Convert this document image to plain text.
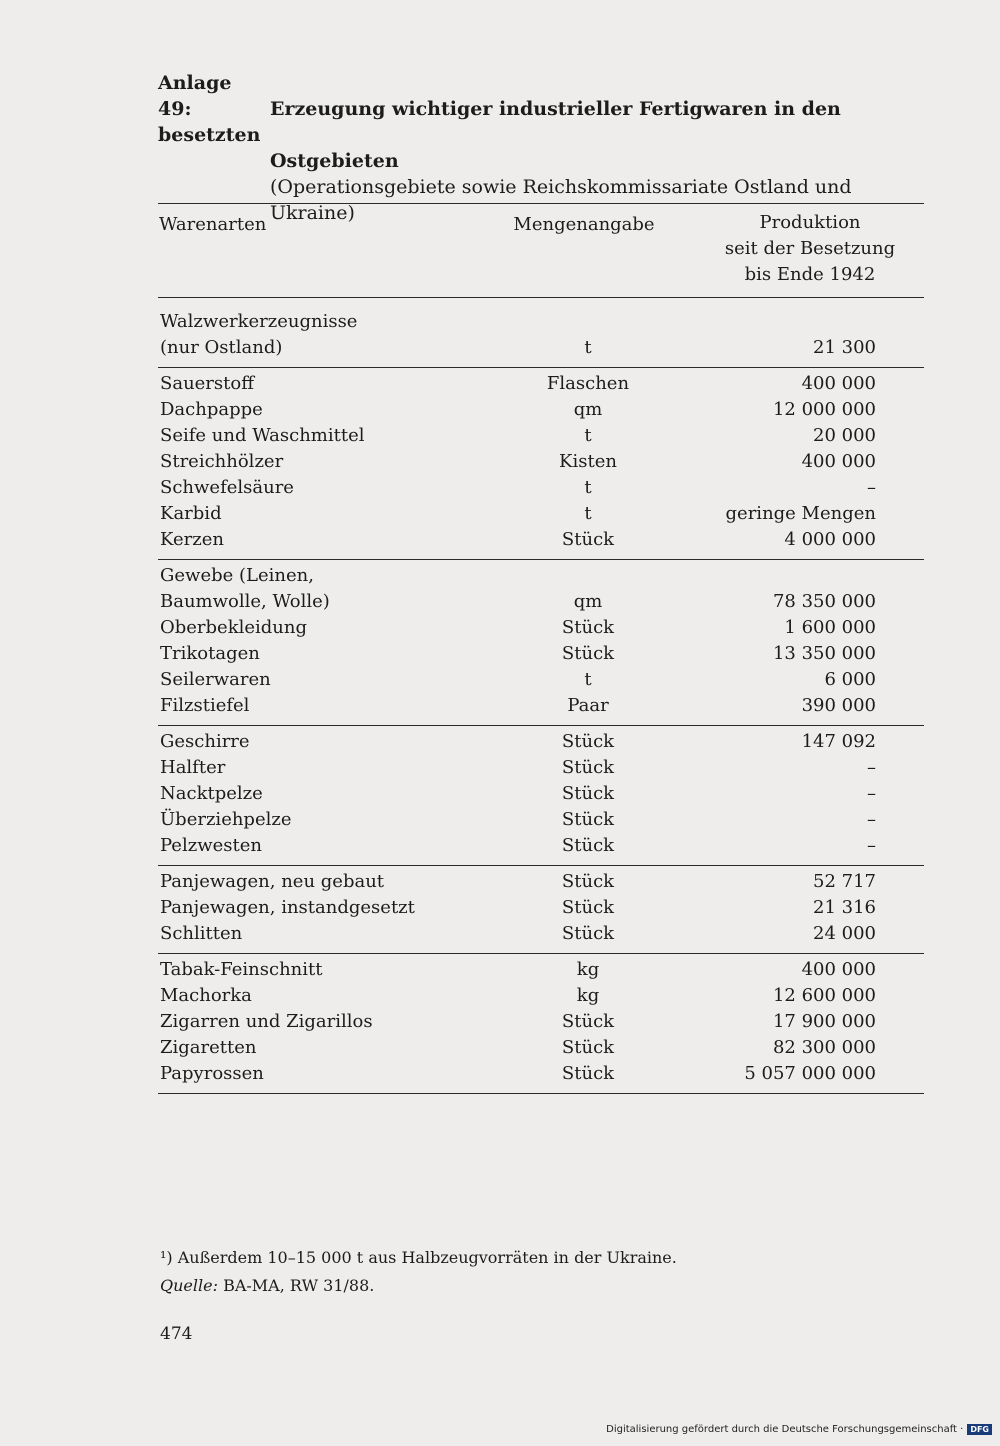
Anlage 49:	Erzeugung wichtiger industrieller Fertigwaren in den besetzten
Ostgebieten
(Operationsgebiete sowie Reichskommissariate Ostland und
Ukraine)
Warenarten	Mengenangabe	Produktion
seit der Besetzung
bis Ende 1942
Walzwerkerzeugnisse
(nur Ostland)	t	21 300
Sauerstoff	Flaschen	400 000
Dachpappe	qm	12 000 000
Seife und Waschmittel	t	20 000
Streichhölzer	Kisten	400 000
Schwefelsäure	t	–
Karbid	t	geringe Mengen
Kerzen	Stück	4 000 000
Gewebe (Leinen,
Baumwolle, Wolle)	qm	78 350 000
Oberbekleidung	Stück	1 600 000
Trikotagen	Stück	13 350 000
Seilerwaren	t	6 000
Filzstiefel	Paar	390 000
Geschirre	Stück	147 092
Halfter	Stück	–
Nacktpelze	Stück	–
Überziehpelze	Stück	–
Pelzwesten	Stück	–
Panjewagen, neu gebaut	Stück	52 717
Panjewagen, instandgesetzt	Stück	21 316
Schlitten	Stück	24 000
Tabak-Feinschnitt	kg	400 000
Machorka	kg	12 600 000
Zigarren und Zigarillos	Stück	17 900 000
Zigaretten	Stück	82 300 000
Papyrossen	Stück	5 057 000 000
¹) Außerdem 10–15 000 t aus Halbzeugvorräten in der Ukraine.
Quelle: BA-MA, RW 31/88.
474
Digitalisierung gefördert durch die Deutsche Forschungsgemeinschaft · DFG
